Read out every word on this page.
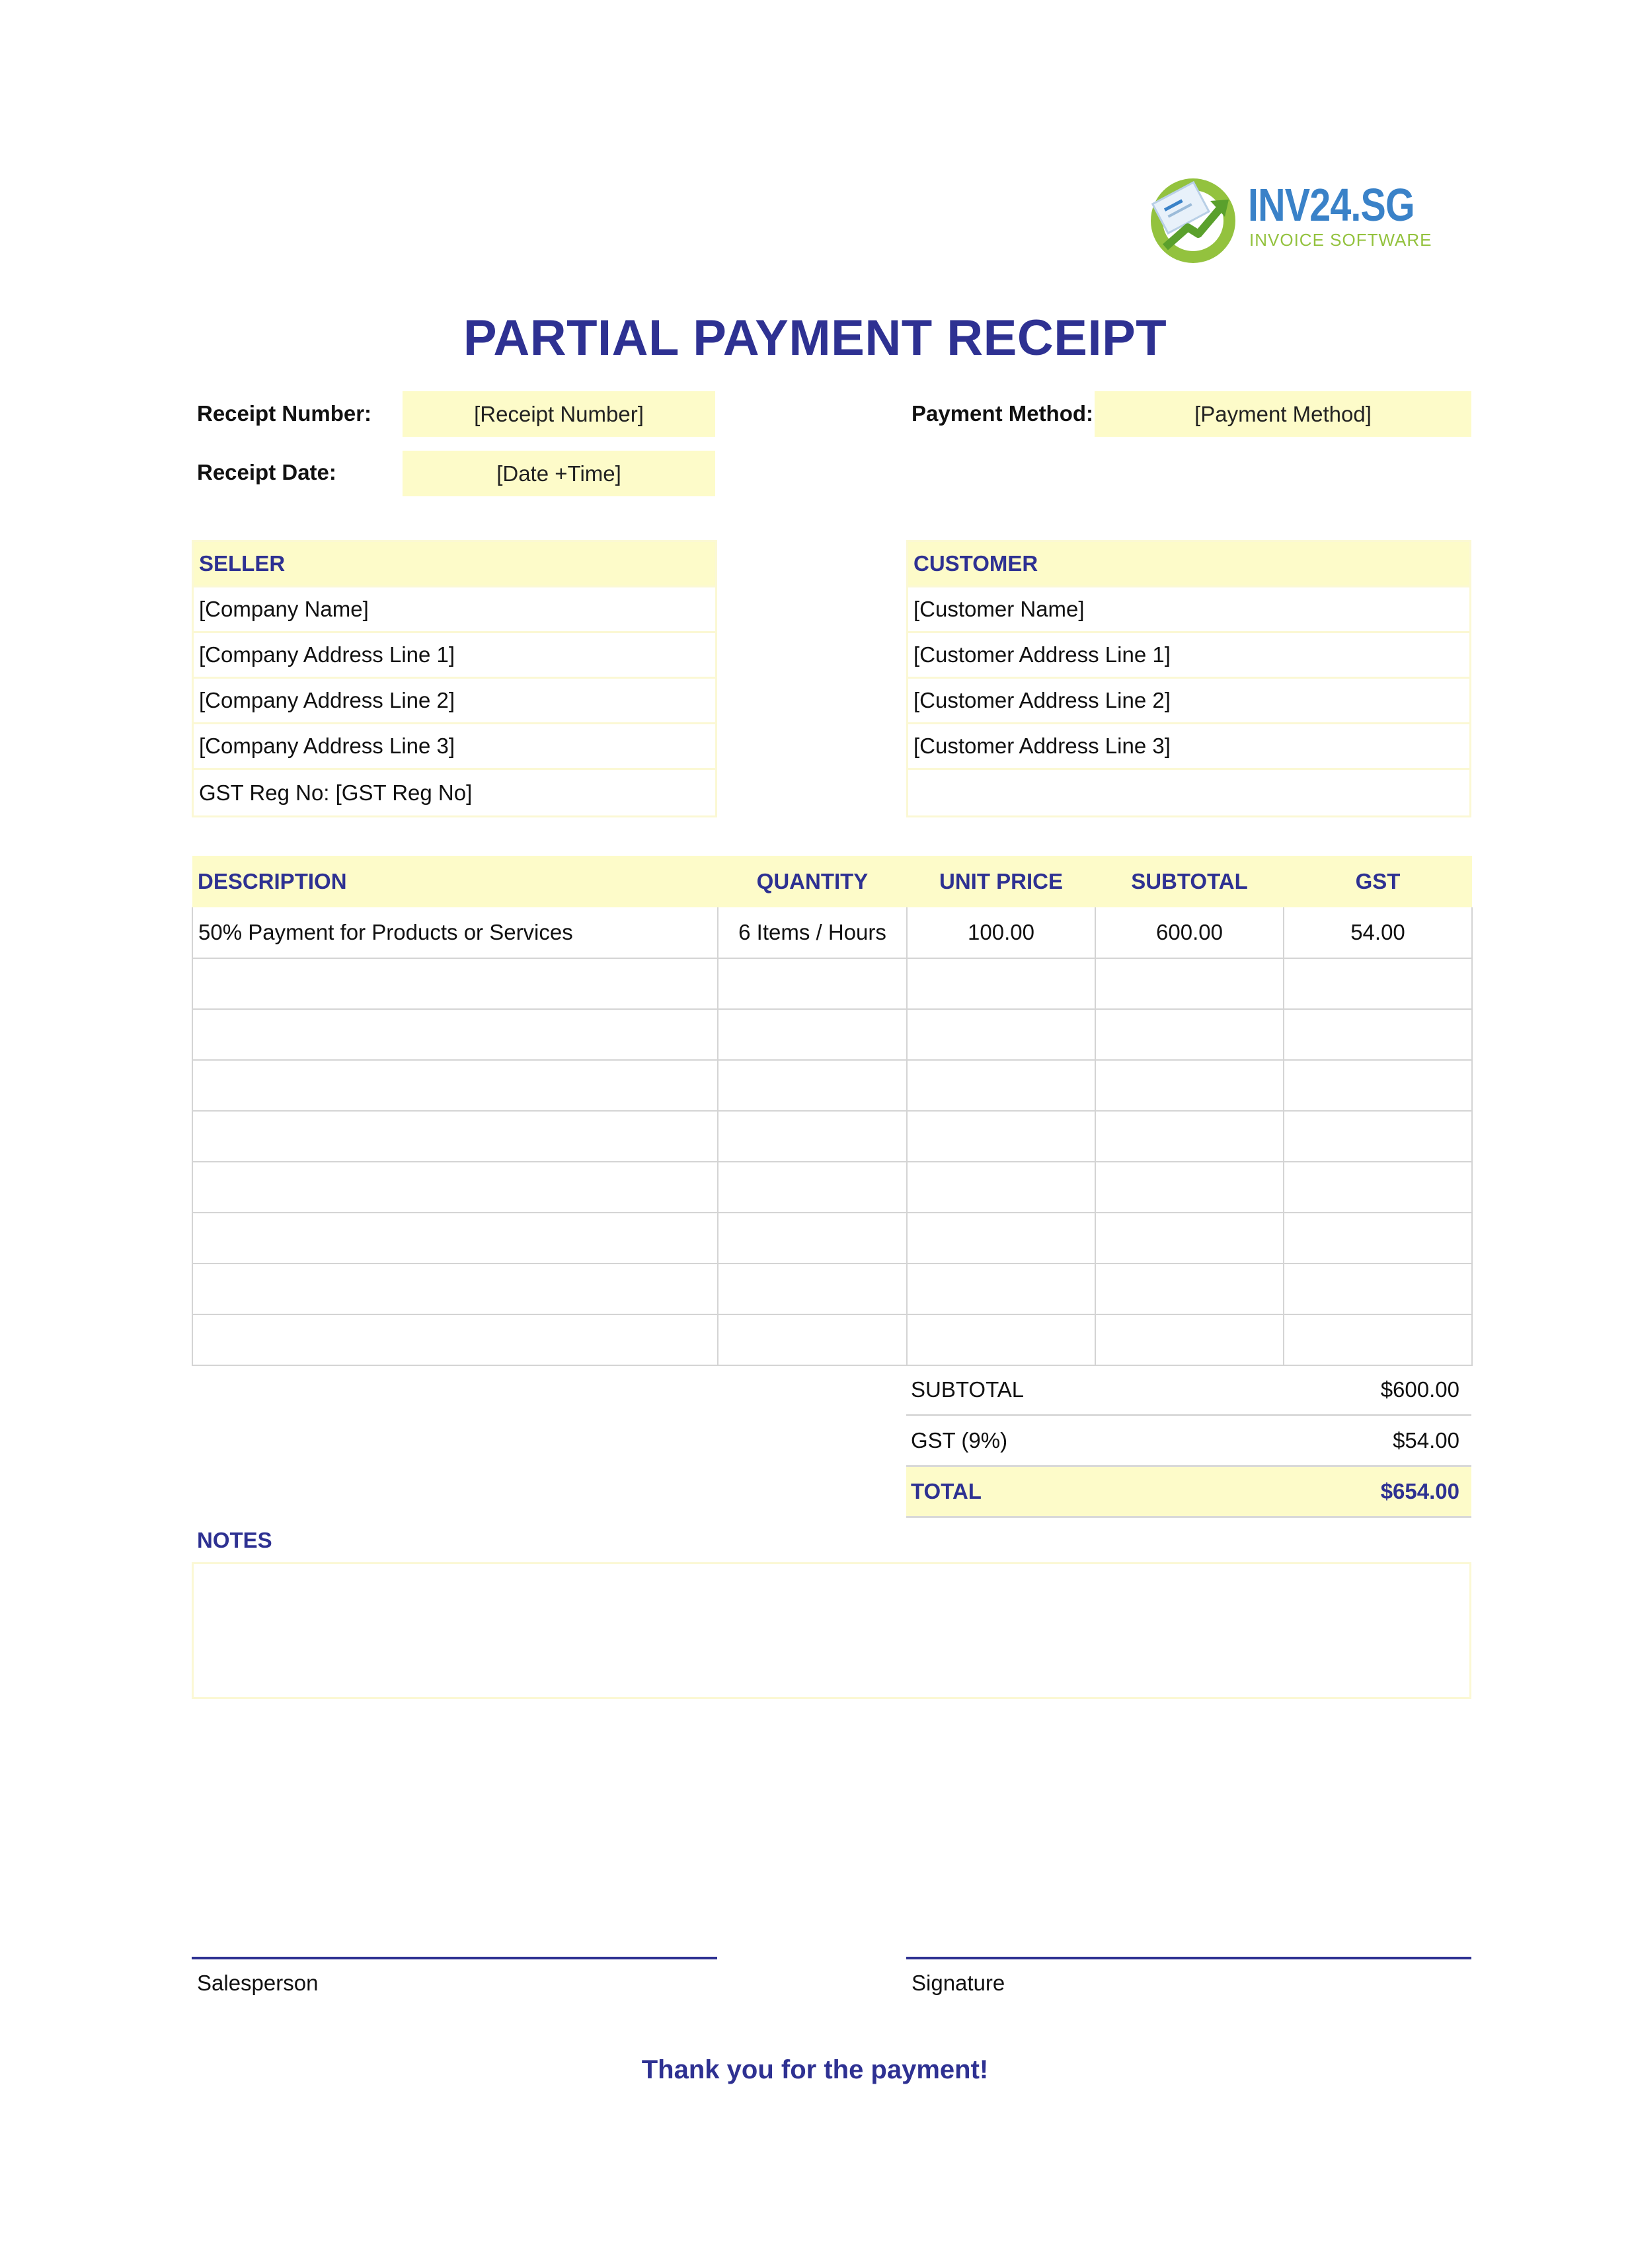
INV24.SG
INVOICE SOFTWARE
PARTIAL PAYMENT RECEIPT
Receipt Number:	[Receipt Number]
Receipt Date:	[Date +Time]
Payment Method:	[Payment Method]
SELLER
[Company Name]
[Company Address Line 1]
[Company Address Line 2]
[Company Address Line 3]
GST Reg No: [GST Reg No]
CUSTOMER
[Customer Name]
[Customer Address Line 1]
[Customer Address Line 2]
[Customer Address Line 3]
DESCRIPTION	QUANTITY	UNIT PRICE	SUBTOTAL	GST
50% Payment for Products or Services	6 Items / Hours	100.00	600.00	54.00

SUBTOTAL	$600.00
GST (9%)	$54.00
TOTAL	$654.00
NOTES
Salesperson	Signature
Thank you for the payment!
